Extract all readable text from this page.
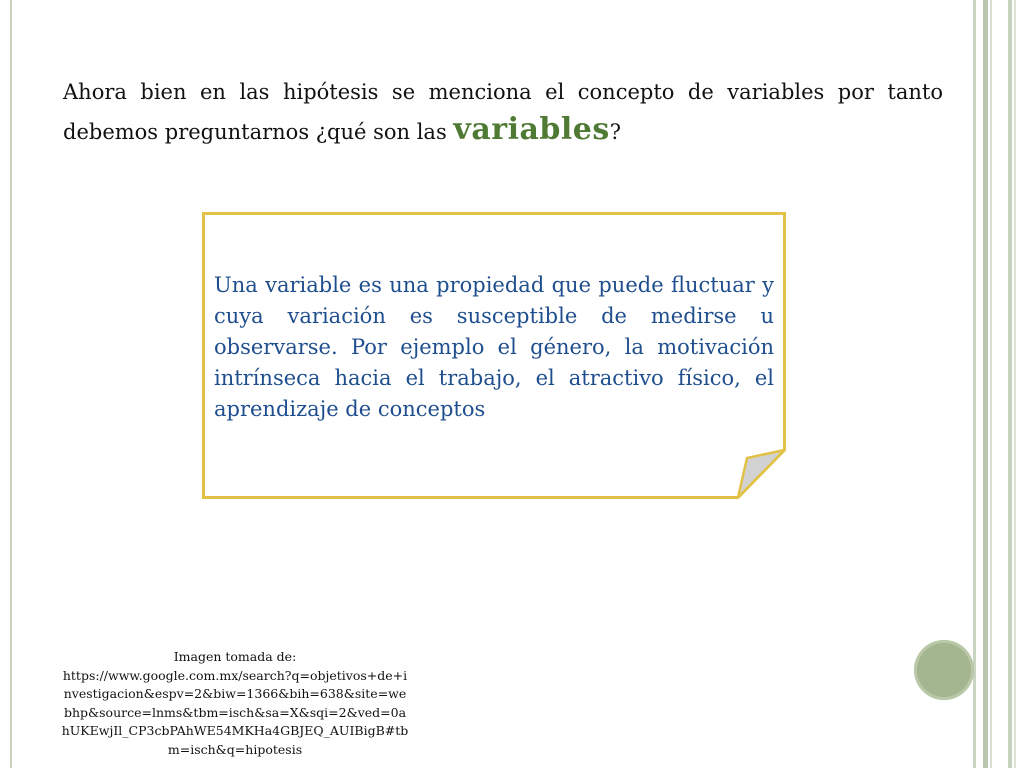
Ahora bien en las hipótesis se menciona el concepto de variables por tanto debemos preguntarnos ¿qué son las variables?
Una variable es una propiedad que puede fluctuar y cuya variación es susceptible de medirse u observarse. Por ejemplo el género, la motivación intrínseca hacia el trabajo, el atractivo físico, el aprendizaje de conceptos
Imagen tomada de:
https://www.google.com.mx/search?q=objetivos+de+investigacion&espv=2&biw=1366&bih=638&site=webhp&source=lnms&tbm=isch&sa=X&sqi=2&ved=0ahUKEwjIl_CP3cbPAhWE54MKHa4GBJEQ_AUIBigB#tbm=isch&q=hipotesis
